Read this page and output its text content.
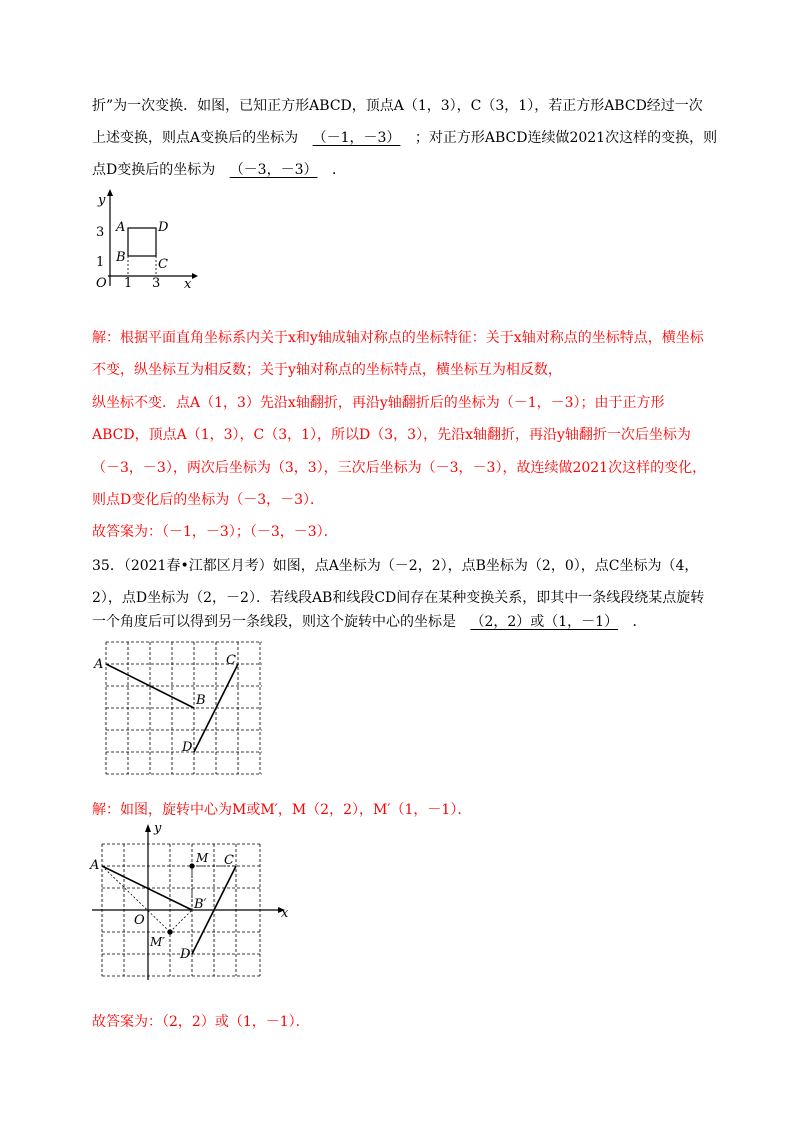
折”为一次变换．如图，已知正方形ABCD，顶点A（1，3），C（3，1），若正方形ABCD经过一次
上述变换，则点A变换后的坐标为 （－1，－3） ；对正方形ABCD连续做2021次这样的变换，则
点D变换后的坐标为 （－3，－3） ．
y
x
O 1 3
3
1
A	D
B C
解：根据平面直角坐标系内关于x和y轴成轴对称点的坐标特征：关于x轴对称点的坐标特点，横坐标
不变，纵坐标互为相反数；关于y轴对称点的坐标特点，横坐标互为相反数，
纵坐标不变．点A（1，3）先沿x轴翻折，再沿y轴翻折后的坐标为（－1，－3）；由于正方形
ABCD，顶点A（1，3），C（3，1），所以D（3，3），先沿x轴翻折，再沿y轴翻折一次后坐标为
（－3，－3），两次后坐标为（3，3），三次后坐标为（－3，－3），故连续做2021次这样的变化，
则点D变化后的坐标为（－3，－3）．
故答案为：（－1，－3）；（－3，－3）．
35．（2021春•江都区月考）如图，点A坐标为（－2，2），点B坐标为（2，0），点C坐标为（4，
2），点D坐标为（2，－2）．若线段AB和线段CD间存在某种变换关系，即其中一条线段绕某点旋转
一个角度后可以得到另一条线段，则这个旋转中心的坐标是 （2，2）或（1，－1） ．
A
B
C
D
解：如图，旋转中心为M或M′，M（2，2），M′（1，－1）．
A	M C
B′
O
M′
D
x
y
故答案为：（2，2）或（1，－1）．
